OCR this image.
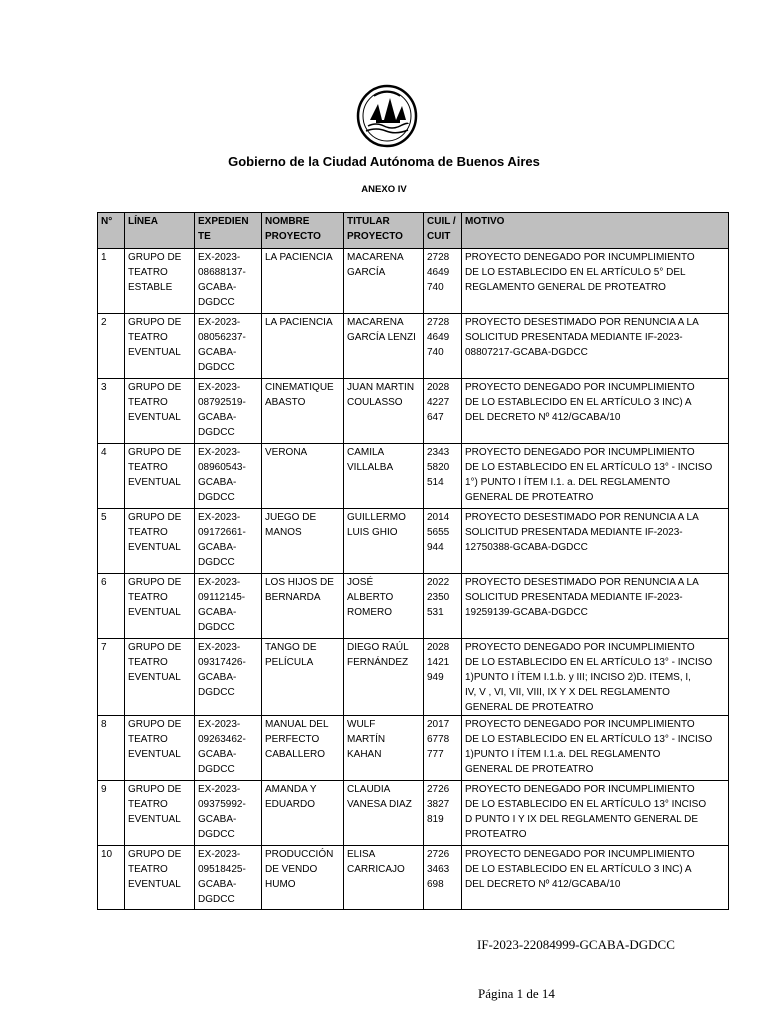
Gobierno de la Ciudad Autónoma de Buenos Aires
ANEXO IV
N°	LÍNEA	EXPEDIEN
TE	NOMBRE
PROYECTO	TITULAR
PROYECTO	CUIL /
CUIT	MOTIVO

1	GRUPO DE
TEATRO
ESTABLE	EX-2023-
08688137-
GCABA-
DGDCC	LA PACIENCIA	MACARENA
GARCÍA	2728
4649
740	PROYECTO DENEGADO POR INCUMPLIMIENTO
DE LO ESTABLECIDO EN EL ARTÍCULO 5° DEL
REGLAMENTO GENERAL DE PROTEATRO

2	GRUPO DE
TEATRO
EVENTUAL	EX-2023-
08056237-
GCABA-
DGDCC	LA PACIENCIA	MACARENA
GARCÍA LENZI	2728
4649
740	PROYECTO DESESTIMADO POR RENUNCIA A LA
SOLICITUD PRESENTADA MEDIANTE IF-2023-
08807217-GCABA-DGDCC

3	GRUPO DE
TEATRO
EVENTUAL	EX-2023-
08792519-
GCABA-
DGDCC	CINEMATIQUE
ABASTO	JUAN MARTIN
COULASSO	2028
4227
647	PROYECTO DENEGADO POR INCUMPLIMIENTO
DE LO ESTABLECIDO EN EL ARTÍCULO 3 INC) A
DEL DECRETO Nº 412/GCABA/10

4	GRUPO DE
TEATRO
EVENTUAL	EX-2023-
08960543-
GCABA-
DGDCC	VERONA	CAMILA
VILLALBA	2343
5820
514	PROYECTO DENEGADO POR INCUMPLIMIENTO
DE LO ESTABLECIDO EN EL ARTÍCULO 13° - INCISO
1°) PUNTO I ÍTEM I.1. a. DEL REGLAMENTO
GENERAL DE PROTEATRO

5	GRUPO DE
TEATRO
EVENTUAL	EX-2023-
09172661-
GCABA-
DGDCC	JUEGO DE
MANOS	GUILLERMO
LUIS GHIO	2014
5655
944	PROYECTO DESESTIMADO POR RENUNCIA A LA
SOLICITUD PRESENTADA MEDIANTE IF-2023-
12750388-GCABA-DGDCC

6	GRUPO DE
TEATRO
EVENTUAL	EX-2023-
09112145-
GCABA-
DGDCC	LOS HIJOS DE
BERNARDA	JOSÉ ALBERTO
ROMERO	2022
2350
531	PROYECTO DESESTIMADO POR RENUNCIA A LA
SOLICITUD PRESENTADA MEDIANTE IF-2023-
19259139-GCABA-DGDCC

7	GRUPO DE
TEATRO
EVENTUAL	EX-2023-
09317426-
GCABA-
DGDCC	TANGO DE
PELÍCULA	DIEGO RAÚL
FERNÁNDEZ	2028
1421
949	PROYECTO DENEGADO POR INCUMPLIMIENTO
DE LO ESTABLECIDO EN EL ARTÍCULO 13° - INCISO
1)PUNTO I ÍTEM I.1.b. y III; INCISO 2)D. ITEMS, I,
IV, V , VI, VII, VIII, IX Y X DEL REGLAMENTO
GENERAL DE PROTEATRO

8	GRUPO DE
TEATRO
EVENTUAL	EX-2023-
09263462-
GCABA-
DGDCC	MANUAL DEL
PERFECTO
CABALLERO	WULF
MARTÍN
KAHAN	2017
6778
777	PROYECTO DENEGADO POR INCUMPLIMIENTO
DE LO ESTABLECIDO EN EL ARTÍCULO 13° - INCISO
1)PUNTO I ÍTEM I.1.a. DEL REGLAMENTO
GENERAL DE PROTEATRO

9	GRUPO DE
TEATRO
EVENTUAL	EX-2023-
09375992-
GCABA-
DGDCC	AMANDA Y
EDUARDO	CLAUDIA
VANESA DIAZ	2726
3827
819	PROYECTO DENEGADO POR INCUMPLIMIENTO
DE LO ESTABLECIDO EN EL ARTÍCULO 13° INCISO
D PUNTO I Y IX DEL REGLAMENTO GENERAL DE
PROTEATRO

10	GRUPO DE
TEATRO
EVENTUAL	EX-2023-
09518425-
GCABA-
DGDCC	PRODUCCIÓN
DE VENDO
HUMO	ELISA
CARRICAJO	2726
3463
698	PROYECTO DENEGADO POR INCUMPLIMIENTO
DE LO ESTABLECIDO EN EL ARTÍCULO 3 INC) A
DEL DECRETO Nº 412/GCABA/10
IF-2023-22084999-GCABA-DGDCC
Página 1 de 14
